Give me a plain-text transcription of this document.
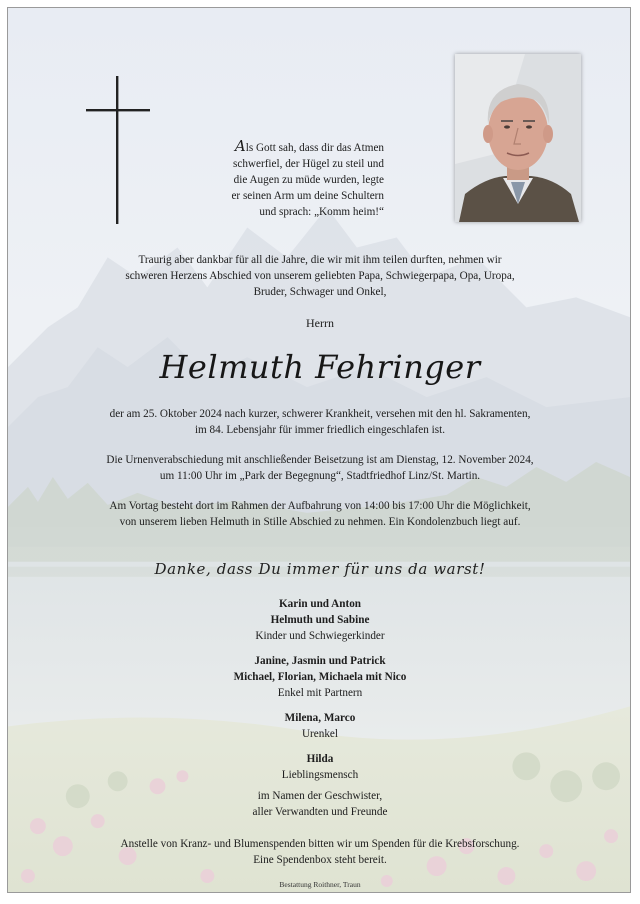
Als Gott sah, dass dir das Atmen
schwerfiel, der Hügel zu steil und
die Augen zu müde wurden, legte
er seinen Arm um deine Schultern
und sprach: „Komm heim!“
Traurig aber dankbar für all die Jahre, die wir mit ihm teilen durften, nehmen wir
schweren Herzens Abschied von unserem geliebten Papa, Schwiegerpapa, Opa, Uropa,
Bruder, Schwager und Onkel,
Herrn
Helmuth Fehringer
der am 25. Oktober 2024 nach kurzer, schwerer Krankheit, versehen mit den hl. Sakramenten,
im 84. Lebensjahr für immer friedlich eingeschlafen ist.
Die Urnenverabschiedung mit anschließender Beisetzung ist am Dienstag, 12. November 2024,
um 11:00 Uhr im „Park der Begegnung“, Stadtfriedhof Linz/St. Martin.
Am Vortag besteht dort im Rahmen der Aufbahrung von 14:00 bis 17:00 Uhr die Möglichkeit,
von unserem lieben Helmuth in Stille Abschied zu nehmen. Ein Kondolenzbuch liegt auf.
Danke, dass Du immer für uns da warst!
Karin und Anton
Helmuth und Sabine
Kinder und Schwiegerkinder
Janine, Jasmin und Patrick
Michael, Florian, Michaela mit Nico
Enkel mit Partnern
Milena, Marco
Urenkel
Hilda
Lieblingsmensch
im Namen der Geschwister,
aller Verwandten und Freunde
Anstelle von Kranz- und Blumenspenden bitten wir um Spenden für die Krebsforschung.
Eine Spendenbox steht bereit.
Bestattung Roithner, Traun
